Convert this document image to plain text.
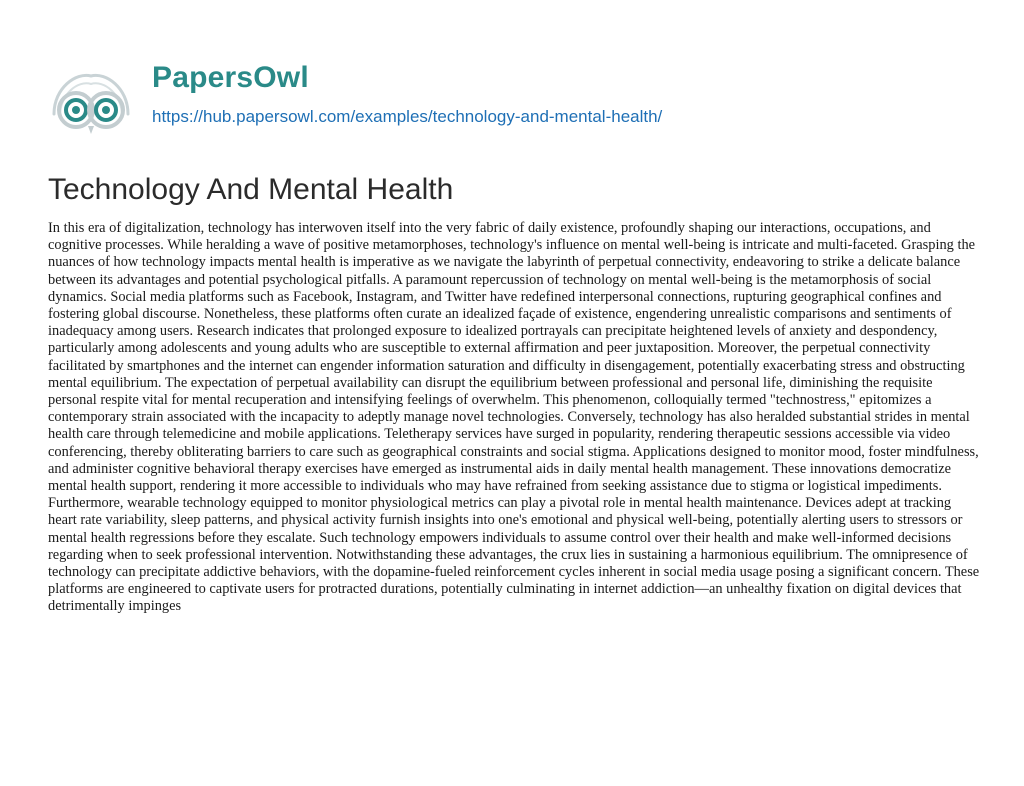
PapersOwl
https://hub.papersowl.com/examples/technology-and-mental-health/
Technology And Mental Health

In this era of digitalization, technology has interwoven itself into the very fabric of daily existence, profoundly shaping our interactions, occupations, and cognitive processes. While heralding a wave of positive metamorphoses, technology's influence on mental well-being is intricate and multi-faceted. Grasping the nuances of how technology impacts mental health is imperative as we navigate the labyrinth of perpetual connectivity, endeavoring to strike a delicate balance between its advantages and potential psychological pitfalls. A paramount repercussion of technology on mental well-being is the metamorphosis of social dynamics. Social media platforms such as Facebook, Instagram, and Twitter have redefined interpersonal connections, rupturing geographical confines and fostering global discourse. Nonetheless, these platforms often curate an idealized façade of existence, engendering unrealistic comparisons and sentiments of inadequacy among users. Research indicates that prolonged exposure to idealized portrayals can precipitate heightened levels of anxiety and despondency, particularly among adolescents and young adults who are susceptible to external affirmation and peer juxtaposition. Moreover, the perpetual connectivity facilitated by smartphones and the internet can engender information saturation and difficulty in disengagement, potentially exacerbating stress and obstructing mental equilibrium. The expectation of perpetual availability can disrupt the equilibrium between professional and personal life, diminishing the requisite personal respite vital for mental recuperation and intensifying feelings of overwhelm. This phenomenon, colloquially termed "technostress," epitomizes a contemporary strain associated with the incapacity to adeptly manage novel technologies. Conversely, technology has also heralded substantial strides in mental health care through telemedicine and mobile applications. Teletherapy services have surged in popularity, rendering therapeutic sessions accessible via video conferencing, thereby obliterating barriers to care such as geographical constraints and social stigma. Applications designed to monitor mood, foster mindfulness, and administer cognitive behavioral therapy exercises have emerged as instrumental aids in daily mental health management. These innovations democratize mental health support, rendering it more accessible to individuals who may have refrained from seeking assistance due to stigma or logistical impediments. Furthermore, wearable technology equipped to monitor physiological metrics can play a pivotal role in mental health maintenance. Devices adept at tracking heart rate variability, sleep patterns, and physical activity furnish insights into one's emotional and physical well-being, potentially alerting users to stressors or mental health regressions before they escalate. Such technology empowers individuals to assume control over their health and make well-informed decisions regarding when to seek professional intervention. Notwithstanding these advantages, the crux lies in sustaining a harmonious equilibrium. The omnipresence of technology can precipitate addictive behaviors, with the dopamine-fueled reinforcement cycles inherent in social media usage posing a significant concern. These platforms are engineered to captivate users for protracted durations, potentially culminating in internet addiction—an unhealthy fixation on digital devices that detrimentally impinges
